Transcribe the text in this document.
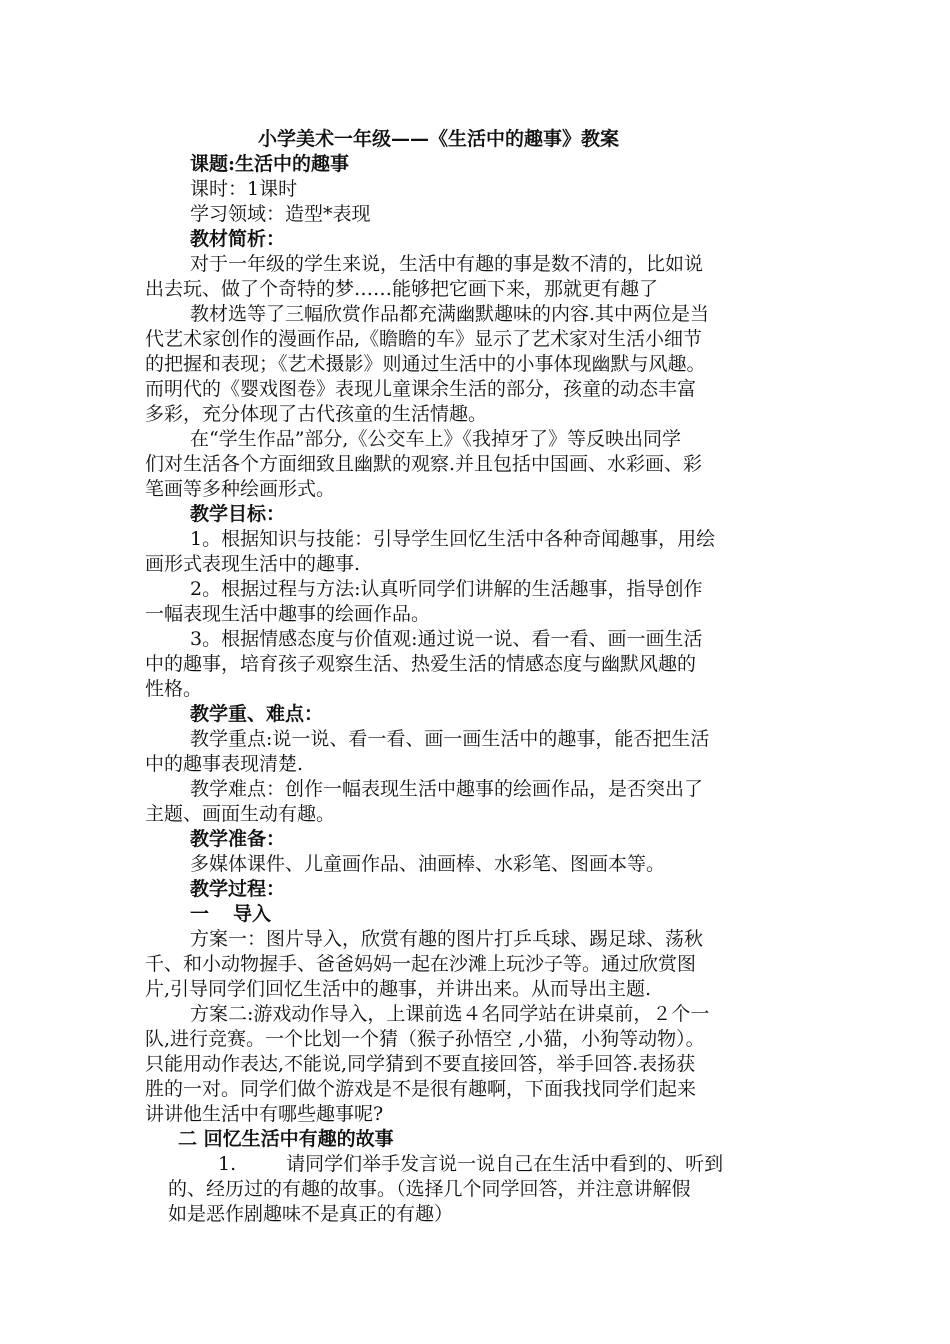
小学美术一年级——《生活中的趣事》教案
课题:生活中的趣事
课时：1课时
学习领域：造型*表现
教材简析：
对于一年级的学生来说，生活中有趣的事是数不清的，比如说
出去玩、做了个奇特的梦……能够把它画下来，那就更有趣了
教材选等了三幅欣赏作品都充满幽默趣味的内容.其中两位是当
代艺术家创作的漫画作品,《瞻瞻的车》显示了艺术家对生活小细节
的把握和表现；《艺术摄影》则通过生活中的小事体现幽默与风趣。
而明代的《婴戏图卷》表现儿童课余生活的部分，孩童的动态丰富
多彩，充分体现了古代孩童的生活情趣。
在“学生作品”部分,《公交车上》《我掉牙了》等反映出同学
们对生活各个方面细致且幽默的观察.并且包括中国画、水彩画、彩
笔画等多种绘画形式。
教学目标：
1。根据知识与技能：引导学生回忆生活中各种奇闻趣事，用绘
画形式表现生活中的趣事.
2。根据过程与方法:认真听同学们讲解的生活趣事，指导创作
一幅表现生活中趣事的绘画作品。
3。根据情感态度与价值观:通过说一说、看一看、画一画生活
中的趣事，培育孩子观察生活、热爱生活的情感态度与幽默风趣的
性格。
教学重、难点：
教学重点:说一说、看一看、画一画生活中的趣事，能否把生活
中的趣事表现清楚.
教学难点：创作一幅表现生活中趣事的绘画作品，是否突出了
主题、画面生动有趣。
教学准备：
多媒体课件、儿童画作品、油画棒、水彩笔、图画本等。
教学过程：
一 导入
方案一：图片导入，欣赏有趣的图片打乒乓球、踢足球、荡秋
千、和小动物握手、爸爸妈妈一起在沙滩上玩沙子等。通过欣赏图
片,引导同学们回忆生活中的趣事，并讲出来。从而导出主题.
方案二:游戏动作导入，上课前选４名同学站在讲桌前，２个一
队,进行竞赛。一个比划一个猜（猴子孙悟空 ,小猫，小狗等动物）。
只能用动作表达,不能说,同学猜到不要直接回答，举手回答.表扬获
胜的一对。同学们做个游戏是不是很有趣啊，下面我找同学们起来
讲讲他生活中有哪些趣事呢?
二 回忆生活中有趣的故事
1.	请同学们举手发言说一说自己在生活中看到的、听到
的、经历过的有趣的故事。（选择几个同学回答，并注意讲解假
如是恶作剧趣味不是真正的有趣）
